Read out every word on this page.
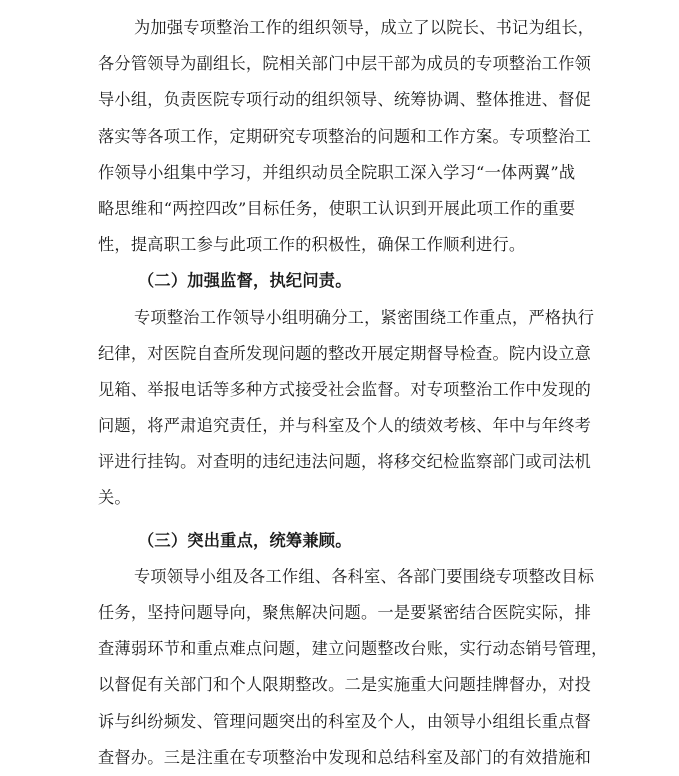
为加强专项整治工作的组织领导，成立了以院长、书记为组长，
各分管领导为副组长，院相关部门中层干部为成员的专项整治工作领
导小组，负责医院专项行动的组织领导、统筹协调、整体推进、督促
落实等各项工作，定期研究专项整治的问题和工作方案。专项整治工
作领导小组集中学习，并组织动员全院职工深入学习“一体两翼”战
略思维和“两控四改”目标任务，使职工认识到开展此项工作的重要
性，提高职工参与此项工作的积极性，确保工作顺利进行。
（二）加强监督，执纪问责。
专项整治工作领导小组明确分工，紧密围绕工作重点，严格执行
纪律，对医院自查所发现问题的整改开展定期督导检查。院内设立意
见箱、举报电话等多种方式接受社会监督。对专项整治工作中发现的
问题，将严肃追究责任，并与科室及个人的绩效考核、年中与年终考
评进行挂钩。对查明的违纪违法问题，将移交纪检监察部门或司法机
关。
（三）突出重点，统筹兼顾。
专项领导小组及各工作组、各科室、各部门要围绕专项整改目标
任务，坚持问题导向，聚焦解决问题。一是要紧密结合医院实际，排
查薄弱环节和重点难点问题，建立问题整改台账，实行动态销号管理，
以督促有关部门和个人限期整改。二是实施重大问题挂牌督办，对投
诉与纠纷频发、管理问题突出的科室及个人，由领导小组组长重点督
查督办。三是注重在专项整治中发现和总结科室及部门的有效措施和
